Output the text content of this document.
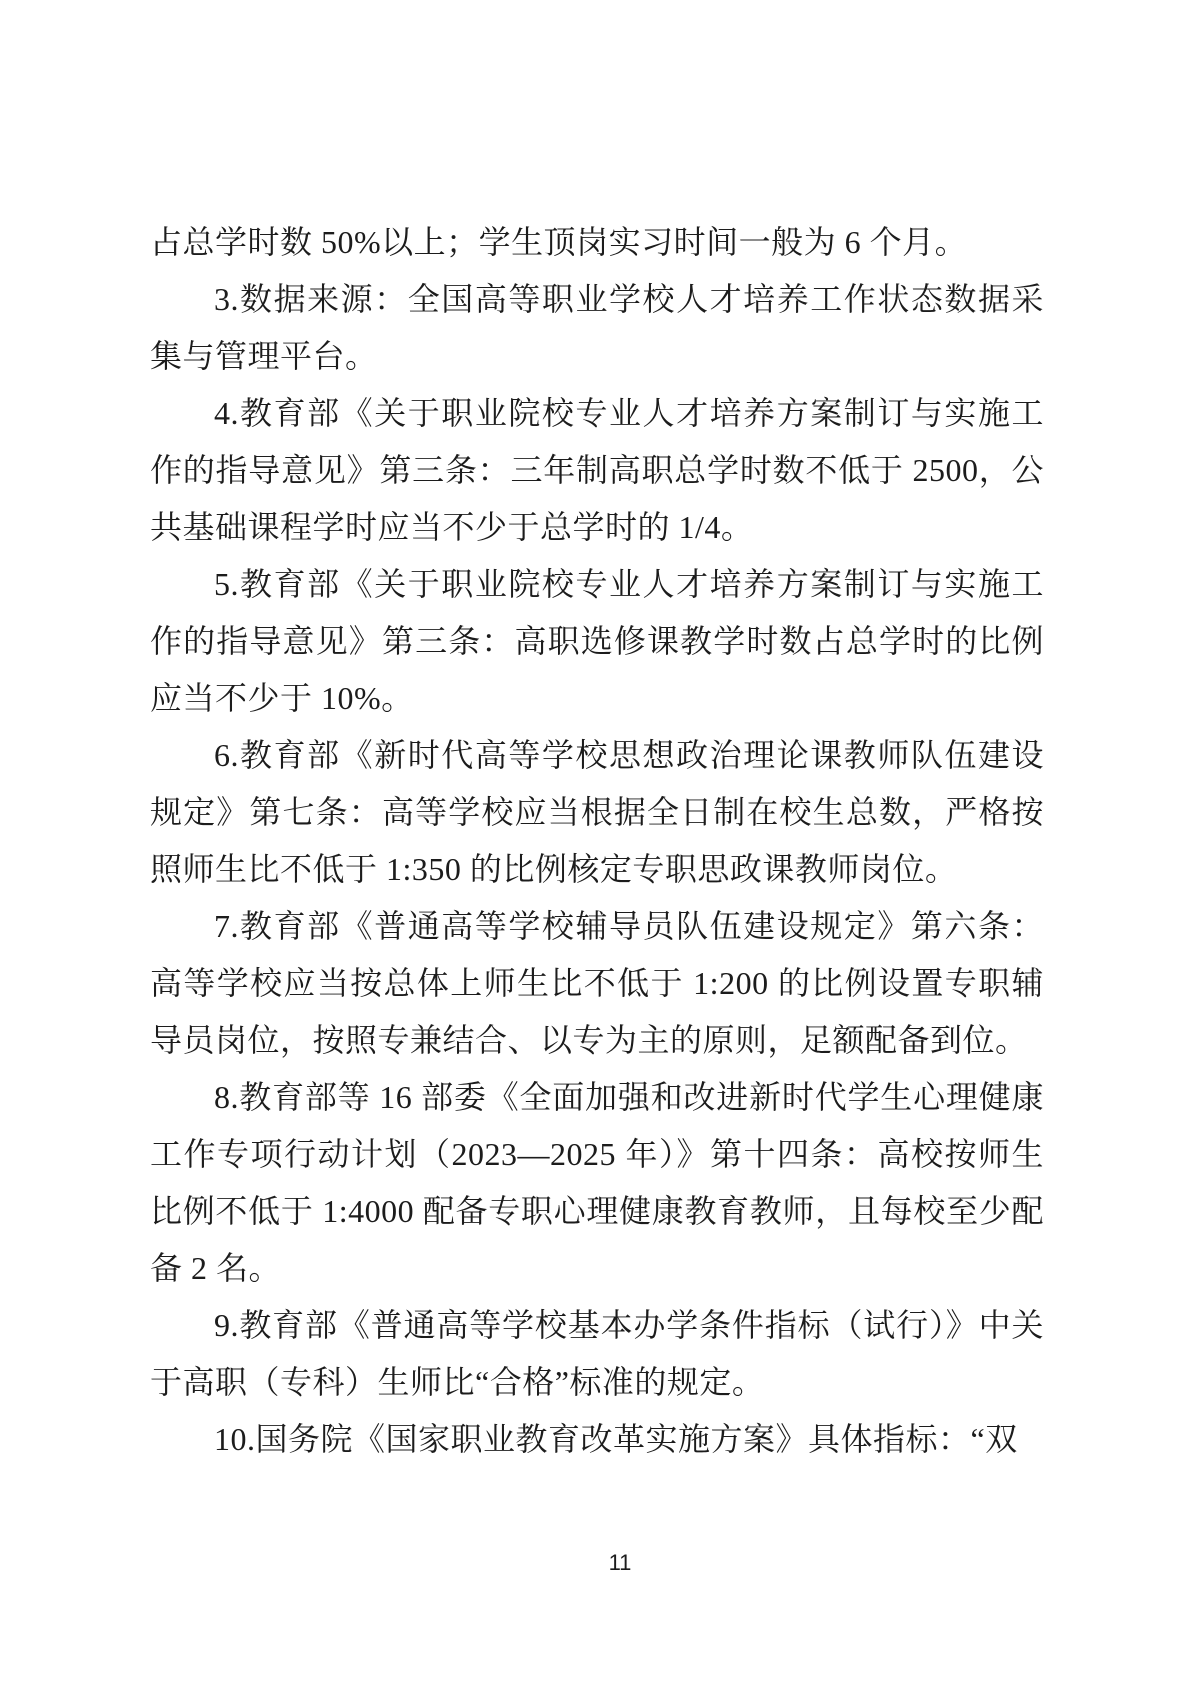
占总学时数 50%以上；学生顶岗实习时间一般为 6 个月。

3.数据来源：全国高等职业学校人才培养工作状态数据采集与管理平台。

4.教育部《关于职业院校专业人才培养方案制订与实施工作的指导意见》第三条：三年制高职总学时数不低于 2500，公共基础课程学时应当不少于总学时的 1/4。

5.教育部《关于职业院校专业人才培养方案制订与实施工作的指导意见》第三条：高职选修课教学时数占总学时的比例应当不少于 10%。

6.教育部《新时代高等学校思想政治理论课教师队伍建设规定》第七条：高等学校应当根据全日制在校生总数，严格按照师生比不低于 1:350 的比例核定专职思政课教师岗位。

7.教育部《普通高等学校辅导员队伍建设规定》第六条：高等学校应当按总体上师生比不低于 1:200 的比例设置专职辅导员岗位，按照专兼结合、以专为主的原则，足额配备到位。

8.教育部等 16 部委《全面加强和改进新时代学生心理健康工作专项行动计划（2023—2025 年）》第十四条：高校按师生比例不低于 1:4000 配备专职心理健康教育教师，且每校至少配备 2 名。

9.教育部《普通高等学校基本办学条件指标（试行）》中关于高职（专科）生师比“合格”标准的规定。

10.国务院《国家职业教育改革实施方案》具体指标：“双

11
